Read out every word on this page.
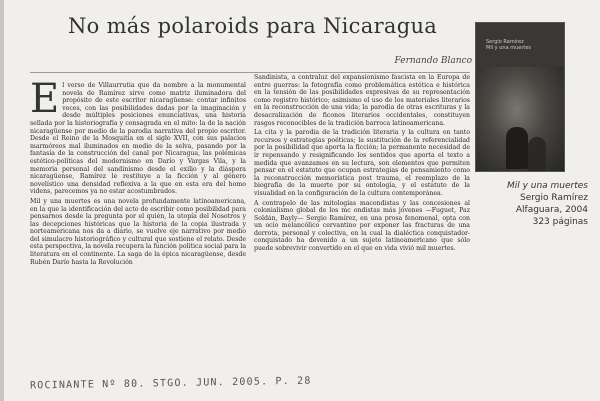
No más polaroids para Nicaragua
Fernando Blanco

El verso de Villaurrutia que da nombre a la monumental novela de Ramírez sirve como matriz iluminadora del propósito de este escritor nicaragüense: contar infinitos veces, con las posibilidades dadas por la imaginación y desde múltiples posiciones enunciativas, una historia sellada por la historiografía y consagrada en el mito: la de la nación nicaragüense por medio de la parodia narrativa del propio escritor. Desde el Reino de la Mosquitia en el siglo XVII, con sus palacios marmóreos mal iluminados en medio de la selva, pasando por la fantasía de la construcción del canal por Nicaragua, las polémicas estético-políticas del modernismo en Darío y Vargas Vila, y la memoria personal del sandinismo desde el exilio y la diáspora nicaragüense, Ramírez le restituye a la ficción y al género novelístico una densidad reflexiva a la que en esta era del homo videns, parecemos ya no estar acostumbrados.

Mil y una muertes es una novela profundamente latinoamericana, en la que la identificación del acto de escribir como posibilidad para pensarnos desde la pregunta por el quién, la utopía del Nosotros y las decepciones históricas que la historia de la copia ilustrada y norteamericana nos da a diario, se vuelve eje narrativo por medio del simulacro historiográfico y cultural que sostiene el relato. Desde esta perspectiva, la novela recupera la función política social para la literatura en el continente. La saga de la épica nicaragüense, desde Rubén Darío hasta la Revolución

Sandinista, a contraluz del expansionismo fascista en la Europa de entre guerras: la fotografía como problemática estética e histórica en la tensión de las posibilidades expresivas de su representación como registro histórico; asimismo el uso de los materiales literarios en la reconstrucción de una vida; la parodia de otras escrituras y la desacralización de ficonos literarios occidentales, constituyen rasgos reconocibles de la tradición barroca latinoamericana.

La cita y la parodia de la tradición literaria y la cultura en tanto recursos y estrategias poéticas; la sustitución de la referencialidad por la posibilidad que aporta la ficción; la permanente necesidad de ir repensando y resignificando los sentidos que aporta el texto a medida que avanzamos en su lectura, son elementos que permiten pensar en el estatuto que ocupan estrategias de pensamiento como la reconstrucción memorística post trauma, el reemplazo de la biografía de la muerte por su ontología, y el estatuto de la visualidad en la configuración de la cultura contemporánea.

A contrapelo de las mitologías macondistas y las concesiones al colonialismo global de los mc ondistas más jóvenes —Fuguet, Paz Soldán, Bayly— Sergio Ramírez, en una prosa fenomenal, opta con un ocio melancólico cervantino por exponer las fracturas de una derrota, personal y colectiva, en la cual la dialéctica conquistador-conquistado ha devenido a un sujeto latinoamericano que sólo puede sobrevivir convertido en el que en vida vivió mil muertes.

Sergio Ramírez
Mil y una muertes
Mil y una muertes
Sergio Ramírez
Alfaguara, 2004
323 páginas
ROCINANTE Nº 80. STGO. JUN. 2005. P. 28
